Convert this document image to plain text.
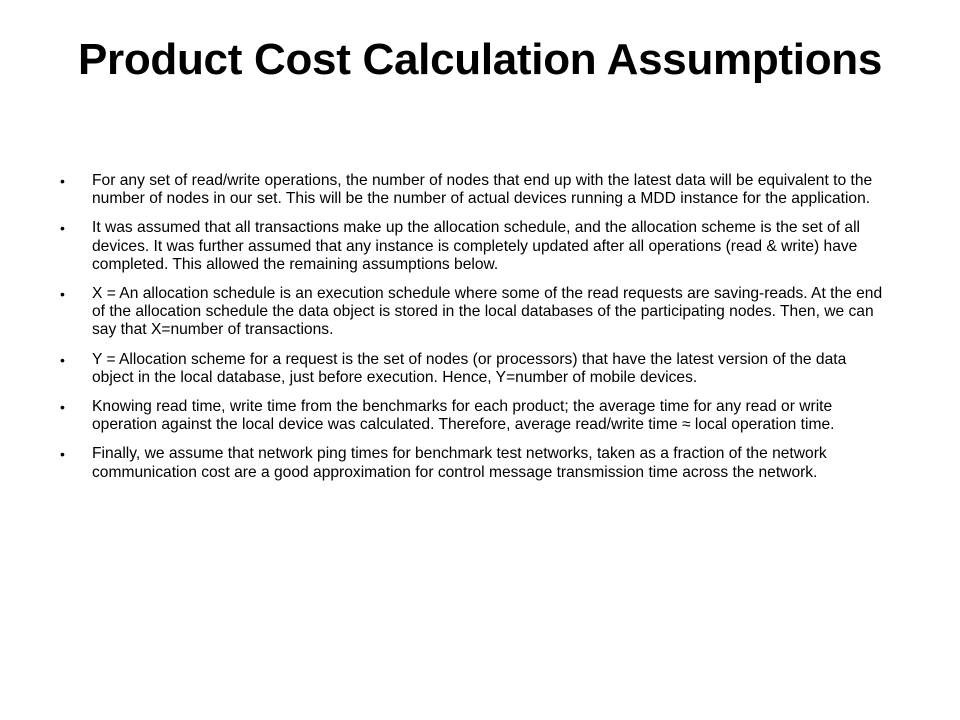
Product Cost Calculation Assumptions
•	For any set of read/write operations, the number of nodes that end up with the latest data will be equivalent to the number of nodes in our set. This will be the number of actual devices running a MDD instance for the application.
•	It was assumed that all transactions make up the allocation schedule, and the allocation scheme is the set of all devices. It was further assumed that any instance is completely updated after all operations (read & write) have completed. This allowed the remaining assumptions below.
•	X = An allocation schedule is an execution schedule where some of the read requests are saving-reads. At the end of the allocation schedule the data object is stored in the local databases of the participating nodes. Then, we can say that X=number of transactions.
•	Y = Allocation scheme for a request is the set of nodes (or processors) that have the latest version of the data object in the local database, just before execution. Hence, Y=number of mobile devices.
•	Knowing read time, write time from the benchmarks for each product; the average time for any read or write operation against the local device was calculated. Therefore, average read/write time ≈ local operation time.
•	Finally, we assume that network ping times for benchmark test networks, taken as a fraction of the network communication cost are a good approximation for control message transmission time across the network.
